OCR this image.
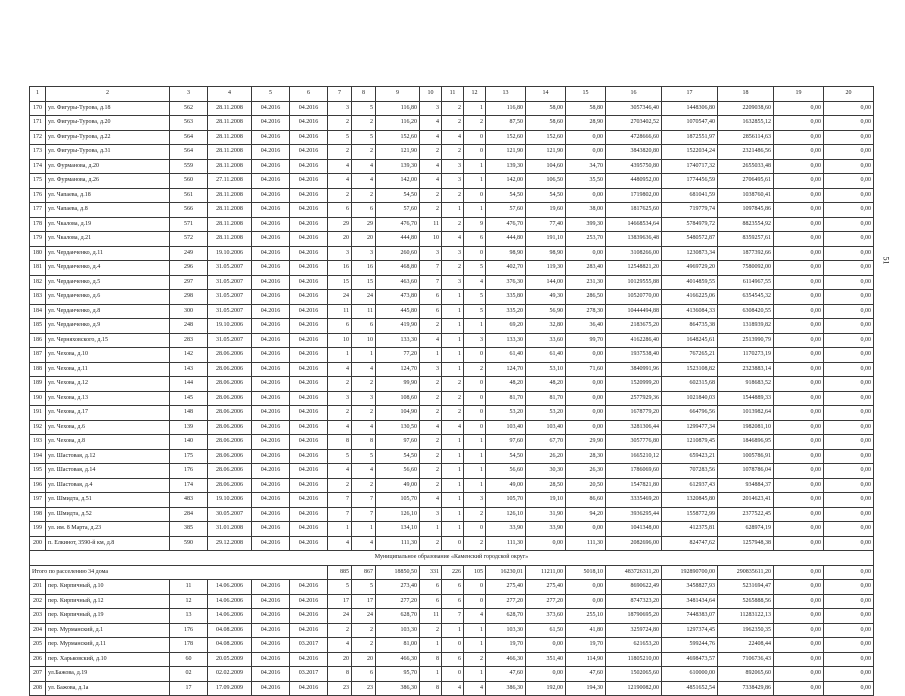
1	2	3	4	5	6	7	8	9	10	11	12	13	14	15	16	17	18	19	20
170	ул. Фигуры-Турова, д.18	562	28.11.2008	04.2016	04.2016	3	5	116,80	3	2	1	116,80	58,00	58,80	3057346,40	1448306,80	2209038,60	0,00	0,00
171	ул. Фигуры-Турова, д.20	563	28.11.2008	04.2016	04.2016	2	2	116,20	4	2	2	87,50	58,60	28,90	2703402,52	1070547,40	1632855,12	0,00	0,00
172	ул. Фигуры-Турова, д.22	564	28.11.2008	04.2016	04.2016	5	5	152,60	4	4	0	152,60	152,60	0,00	4728666,60	1872551,97	2856114,63	0,00	0,00
173	ул. Фигуры-Турова, д.31	564	28.11.2008	04.2016	04.2016	2	2	121,90	2	2	0	121,90	121,90	0,00	3843820,80	1522034,24	2321486,56	0,00	0,00
174	ул. Фурманова, д.20	559	28.11.2008	04.2016	04.2016	4	4	139,30	4	3	1	139,30	104,60	34,70	4395750,80	1740717,32	2655033,48	0,00	0,00
175	ул. Фурманова, д.26	560	27.11.2008	04.2016	04.2016	4	4	142,00	4	3	1	142,00	106,50	35,50	4480952,00	1774456,59	2706495,61	0,00	0,00
176	ул. Чапаева, д.18	561	28.11.2008	04.2016	04.2016	2	2	54,50	2	2	0	54,50	54,50	0,00	1719802,00	681041,59	1038760,41	0,00	0,00
177	ул. Чапаева, д.8	566	28.11.2008	04.2016	04.2016	6	6	57,60	2	1	1	57,60	19,60	38,00	1817625,60	719779,74	1097845,86	0,00	0,00
178	ул. Чкалова, д.19	571	28.11.2008	04.2016	04.2016	29	29	476,70	11	2	9	476,70	77,40	399,30	14668534,64	5784979,72	8823554,92	0,00	0,00
179	ул. Чкалова, д.21	572	28.11.2008	04.2016	04.2016	20	20	444,80	10	4	6	444,80	191,10	253,70	13839636,48	5480572,87	8359257,61	0,00	0,00
180	ул. Черданченко, д.11	249	19.10.2006	04.2016	04.2016	3	3	260,60	3	3	0	98,90	98,90	0,00	3108266,00	1230873,34	1877392,66	0,00	0,00
181	ул. Черданченко, д.4	296	31.05.2007	04.2016	04.2016	16	16	468,80	7	2	5	402,70	119,30	283,40	12548821,20	4969729,20	7580092,00	0,00	0,00
182	ул. Черданченко, д.5	297	31.05.2007	04.2016	04.2016	15	15	463,60	7	3	4	376,30	144,00	231,30	10129555,88	4014859,55	6114967,55	0,00	0,00
183	ул. Черданченко, д.6	298	31.05.2007	04.2016	04.2016	24	24	473,80	6	1	5	335,80	49,30	286,50	10520770,00	4166225,06	6354545,32	0,00	0,00
184	ул. Черданченко, д.8	300	31.05.2007	04.2016	04.2016	11	11	445,80	6	1	5	335,20	56,90	278,30	10444494,88	4136084,33	6308420,55	0,00	0,00
185	ул. Черданченко, д.9	248	19.10.2006	04.2016	04.2016	6	6	419,90	2	1	1	69,20	32,80	36,40	2183675,20	864735,38	1318939,82	0,00	0,00
186	ул. Черняховского, д.15	283	31.05.2007	04.2016	04.2016	10	10	133,30	4	1	3	133,30	33,60	99,70	4162286,40	1648245,61	2513990,79	0,00	0,00
187	ул. Чехова, д.10	142	28.06.2006	04.2016	04.2016	1	1	77,20	1	1	0	61,40	61,40	0,00	1937538,40	767265,21	1170273,19	0,00	0,00
188	ул. Чехова, д.11	143	28.06.2006	04.2016	04.2016	4	4	124,70	3	1	2	124,70	53,10	71,60	3840991,96	1523108,82	2323883,14	0,00	0,00
189	ул. Чехова, д.12	144	28.06.2006	04.2016	04.2016	2	2	99,90	2	2	0	48,20	48,20	0,00	1520999,20	602315,68	918683,52	0,00	0,00
190	ул. Чехова, д.13	145	28.06.2006	04.2016	04.2016	3	3	108,60	2	2	0	81,70	81,70	0,00	2577929,36	1021840,03	1544889,33	0,00	0,00
191	ул. Чехова, д.17	148	28.06.2006	04.2016	04.2016	2	2	104,90	2	2	0	53,20	53,20	0,00	1678779,20	664796,56	1013982,64	0,00	0,00
192	ул. Чехова, д.6	139	28.06.2006	04.2016	04.2016	4	4	130,50	4	4	0	103,40	103,40	0,00	3281306,44	1299477,34	1982081,10	0,00	0,00
193	ул. Чехова, д.8	140	28.06.2006	04.2016	04.2016	8	8	97,60	2	1	1	97,60	67,70	29,90	3057776,80	1210879,45	1846896,95	0,00	0,00
194	ул. Шастовая, д.12	175	28.06.2006	04.2016	04.2016	5	5	54,50	2	1	1	54,50	26,20	28,30	1665210,12	659423,21	1005786,91	0,00	0,00
195	ул. Шастовая, д.14	176	28.06.2006	04.2016	04.2016	4	4	56,60	2	1	1	56,60	30,30	26,30	1786069,60	707283,56	1078786,04	0,00	0,00
196	ул. Шастовая, д.4	174	28.06.2006	04.2016	04.2016	2	2	49,00	2	1	1	49,00	28,50	20,50	1547821,80	612937,43	934884,37	0,00	0,00
197	ул. Шмидта, д.51	483	19.10.2006	04.2016	04.2016	7	7	105,70	4	1	3	105,70	19,10	86,60	3335469,20	1320845,80	2014623,41	0,00	0,00
198	ул. Шмидта, д.52	284	30.05.2007	04.2016	04.2016	7	7	126,10	3	1	2	126,10	31,90	94,20	3936295,44	1558772,99	2377522,45	0,00	0,00
199	ул. им. 8 Марта, д.23	385	31.01.2008	04.2016	04.2016	1	1	134,10	1	1	0	33,90	33,90	0,00	1041348,00	412375,81	628974,19	0,00	0,00
200	п. Елкинот, 3590-й км, д.8	590	29.12.2008	04.2016	04.2016	4	4	111,30	2	0	2	111,30	0,00	111,30	2082696,00	824747,62	1257948,38	0,00	0,00
Муниципальное образование «Каменский городской округ»																			
Итого по расселению 34 дома						885	867	18850,50	331	226	105	16230,01	11211,00	5018,10	483726311,20	192890700,00	290835611,20	0,00	0,00
201	пер. Кирпичный, д.10	11	14.06.2006	04.2016	04.2016	5	5	273,40	6	6	0	275,40	275,40	0,00	8690622,49	3458827,93	5231694,47	0,00	0,00
202	пер. Кирпичный, д.12	12	14.06.2006	04.2016	04.2016	17	17	277,20	6	6	0	277,20	277,20	0,00	8747323,20	3481434,64	5265888,56	0,00	0,00
203	пер. Кирпичный, д.19	13	14.06.2006	04.2016	04.2016	24	24	628,70	11	7	4	628,70	373,60	255,10	18790695,20	7448383,07	11283122,13	0,00	0,00
204	пер. Мурманский, д.1	176	04.08.2006	04.2016	04.2016	2	2	103,30	2	1	1	103,30	61,50	41,80	3259724,80	1297374,45	1962350,35	0,00	0,00
205	пер. Мурманский, д.11	178	04.08.2006	04.2016	03.2017	4	2	81,00	1	0	1	19,70	0,00	19,70	621653,20	599244,76	22408,44	0,00	0,00
206	пер. Харьковский, д.10	60	20.05.2009	04.2016	04.2016	20	20	466,30	8	6	2	466,30	351,40	114,90	11805210,00	4698473,57	7106736,43	0,00	0,00
207	ул.Бажова, д.19	02	02.02.2009	04.2016	03.2017	8	6	95,70	1	0	1	47,60	0,00	47,60	1502065,60	610000,00	892065,60	0,00	0,00
208	ул. Бажова, д.1а	17	17.09.2009	04.2016	04.2016	23	23	386,30	8	4	4	386,30	192,00	194,30	12190082,00	4851652,54	7338429,86	0,00	0,00
51
